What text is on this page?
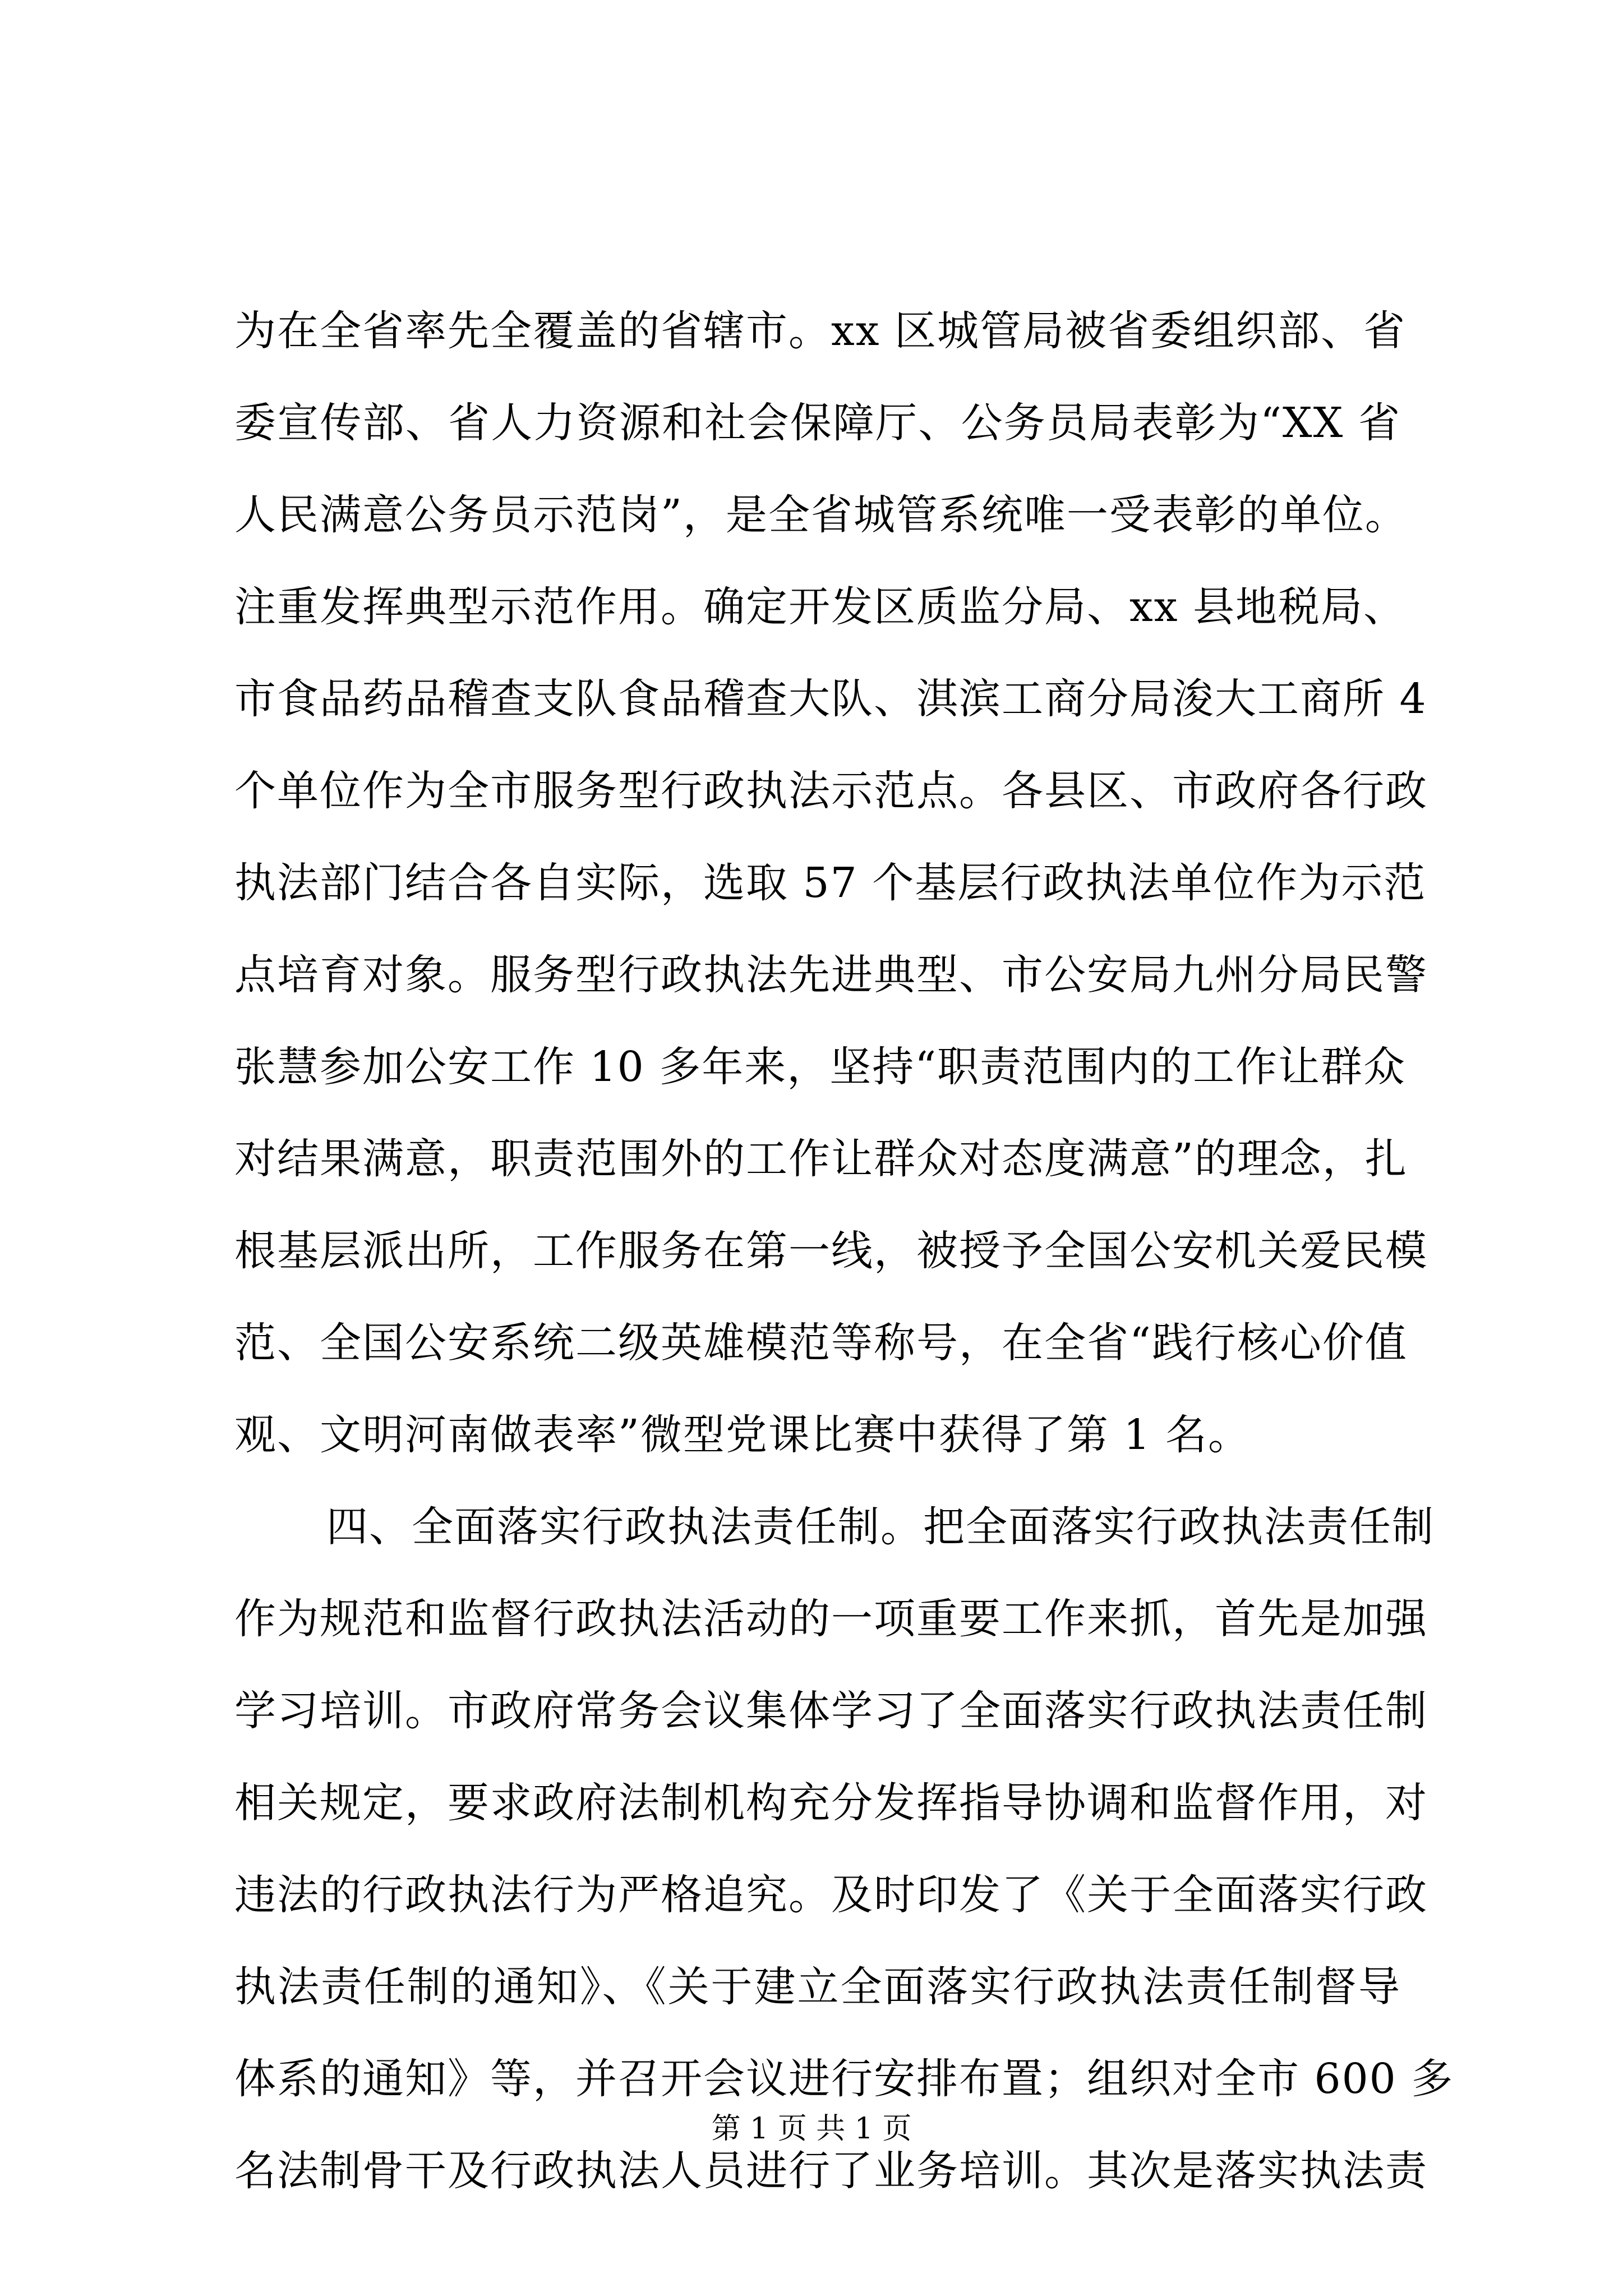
为在全省率先全覆盖的省辖市。xx 区城管局被省委组织部、省
委宣传部、省人力资源和社会保障厅、公务员局表彰为“XX 省
人民满意公务员示范岗”，是全省城管系统唯一受表彰的单位。
注重发挥典型示范作用。确定开发区质监分局、xx 县地税局、
市食品药品稽查支队食品稽查大队、淇滨工商分局浚大工商所 4
个单位作为全市服务型行政执法示范点。各县区、市政府各行政
执法部门结合各自实际，选取 57 个基层行政执法单位作为示范
点培育对象。服务型行政执法先进典型、市公安局九州分局民警
张慧参加公安工作 10 多年来，坚持“职责范围内的工作让群众
对结果满意，职责范围外的工作让群众对态度满意”的理念，扎
根基层派出所，工作服务在第一线，被授予全国公安机关爱民模
范、全国公安系统二级英雄模范等称号，在全省“践行核心价值
观、文明河南做表率”微型党课比赛中获得了第 1 名。
四、全面落实行政执法责任制。把全面落实行政执法责任制
作为规范和监督行政执法活动的一项重要工作来抓，首先是加强
学习培训。市政府常务会议集体学习了全面落实行政执法责任制
相关规定，要求政府法制机构充分发挥指导协调和监督作用，对
违法的行政执法行为严格追究。及时印发了《关于全面落实行政
执法责任制的通知》、《关于建立全面落实行政执法责任制督导
体系的通知》等，并召开会议进行安排布置；组织对全市 600 多
名法制骨干及行政执法人员进行了业务培训。其次是落实执法责
第 1 页 共 1 页
